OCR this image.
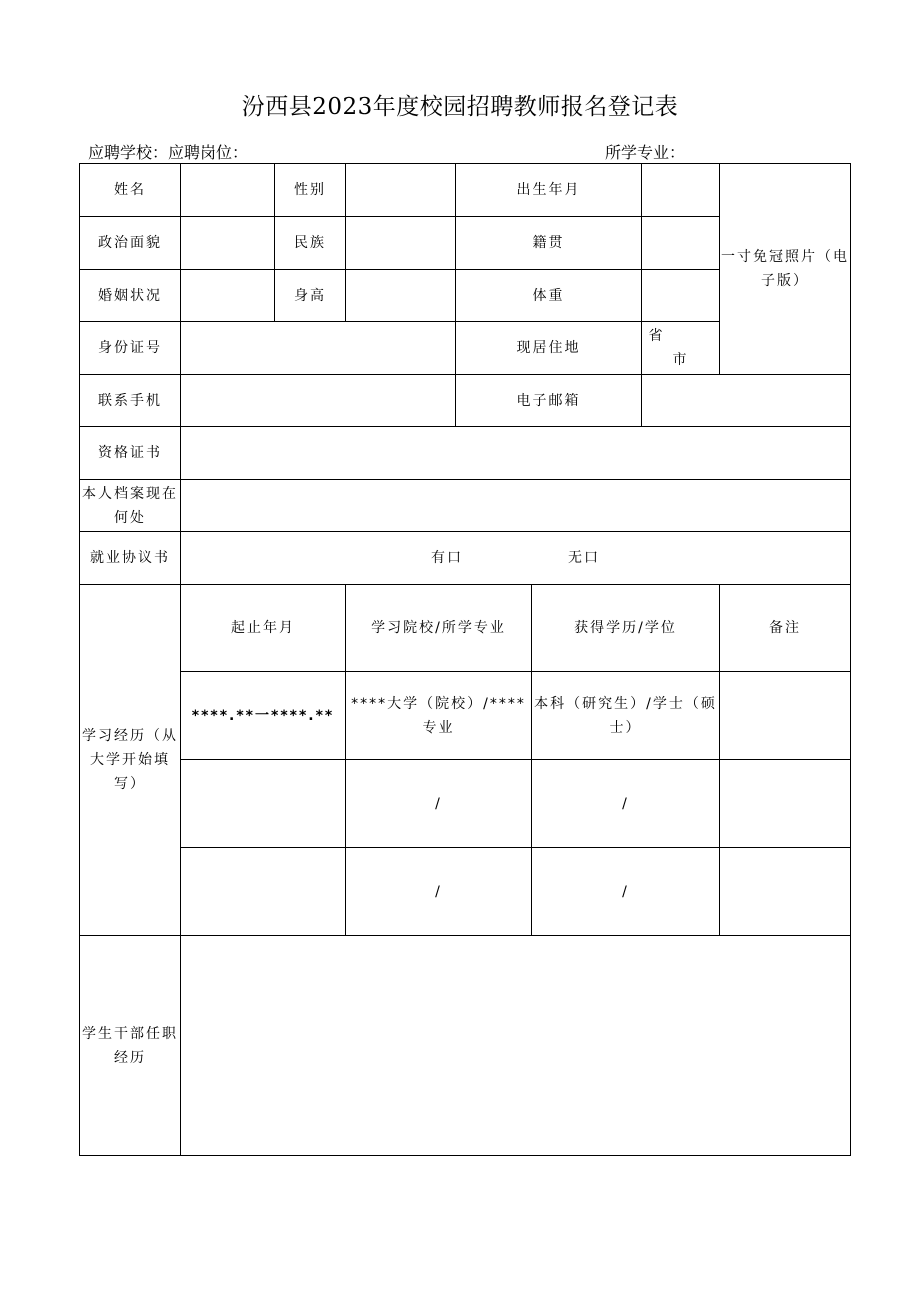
汾西县2023年度校园招聘教师报名登记表
应聘学校：应聘岗位：	所学专业：
姓名		性别		出生年月			一寸免冠照片（电子版）
政治面貌		民族		籍贯			
婚姻状况		身高		体重			
身份证号				现居住地		省市	
联系手机				电子邮箱			
资格证书							
本人档案现在何处							
就业协议书	有口 无口						
学习经历（从大学开始填写）	起止年月		学习院校/所学专业		获得学历/学位		备注
	****.**一****.**		****大学（院校）/****专业		本科（研究生）/学士（硕士）		
			/		/		
			/		/		
学生干部任职经历							
